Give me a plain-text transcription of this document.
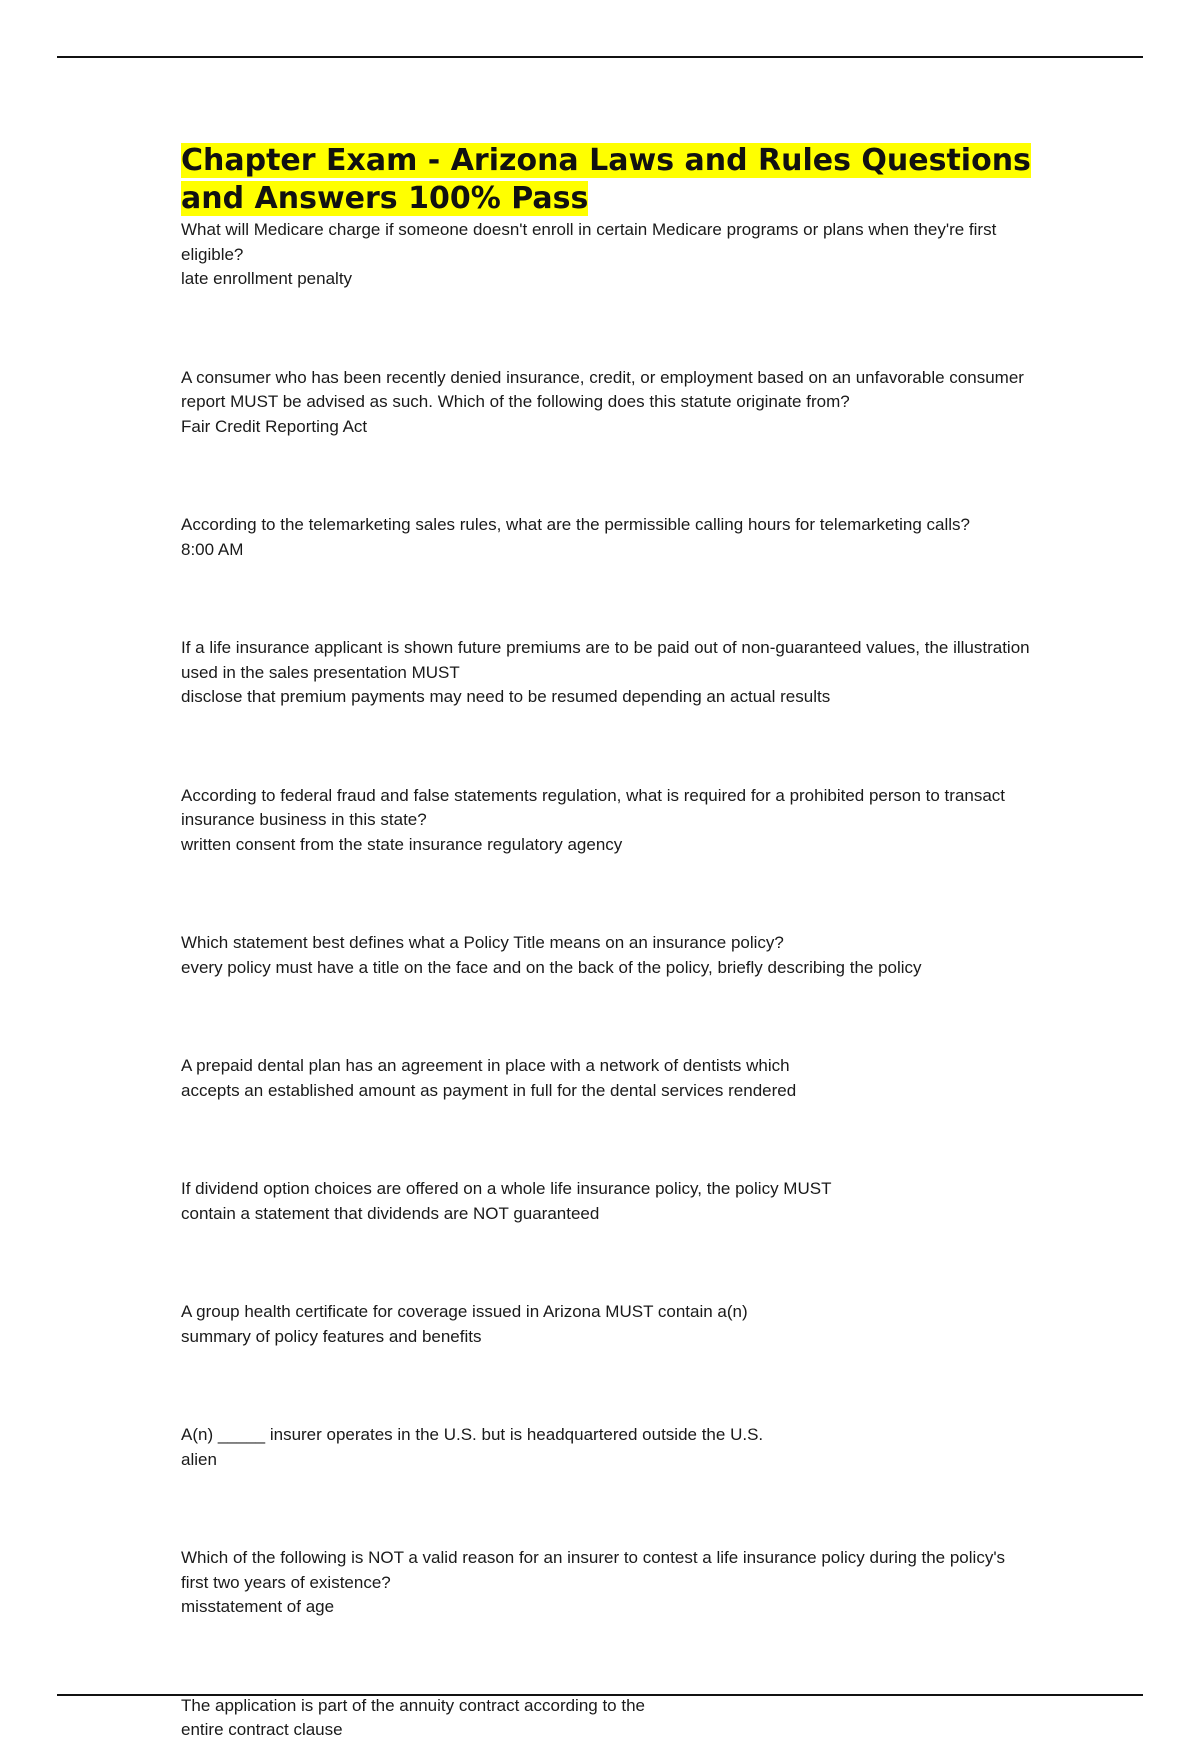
Chapter Exam - Arizona Laws and Rules Questions and Answers 100% Pass
What will Medicare charge if someone doesn't enroll in certain Medicare programs or plans when they're first eligible?
late enrollment penalty
A consumer who has been recently denied insurance, credit, or employment based on an unfavorable consumer report MUST be advised as such. Which of the following does this statute originate from?
Fair Credit Reporting Act
According to the telemarketing sales rules, what are the permissible calling hours for telemarketing calls?
8:00 AM
If a life insurance applicant is shown future premiums are to be paid out of non-guaranteed values, the illustration used in the sales presentation MUST
disclose that premium payments may need to be resumed depending an actual results
According to federal fraud and false statements regulation, what is required for a prohibited person to transact insurance business in this state?
written consent from the state insurance regulatory agency
Which statement best defines what a Policy Title means on an insurance policy?
every policy must have a title on the face and on the back of the policy, briefly describing the policy
A prepaid dental plan has an agreement in place with a network of dentists which
accepts an established amount as payment in full for the dental services rendered
If dividend option choices are offered on a whole life insurance policy, the policy MUST
contain a statement that dividends are NOT guaranteed
A group health certificate for coverage issued in Arizona MUST contain a(n)
summary of policy features and benefits
A(n) _____ insurer operates in the U.S. but is headquartered outside the U.S.
alien
Which of the following is NOT a valid reason for an insurer to contest a life insurance policy during the policy's first two years of existence?
misstatement of age
The application is part of the annuity contract according to the
entire contract clause
